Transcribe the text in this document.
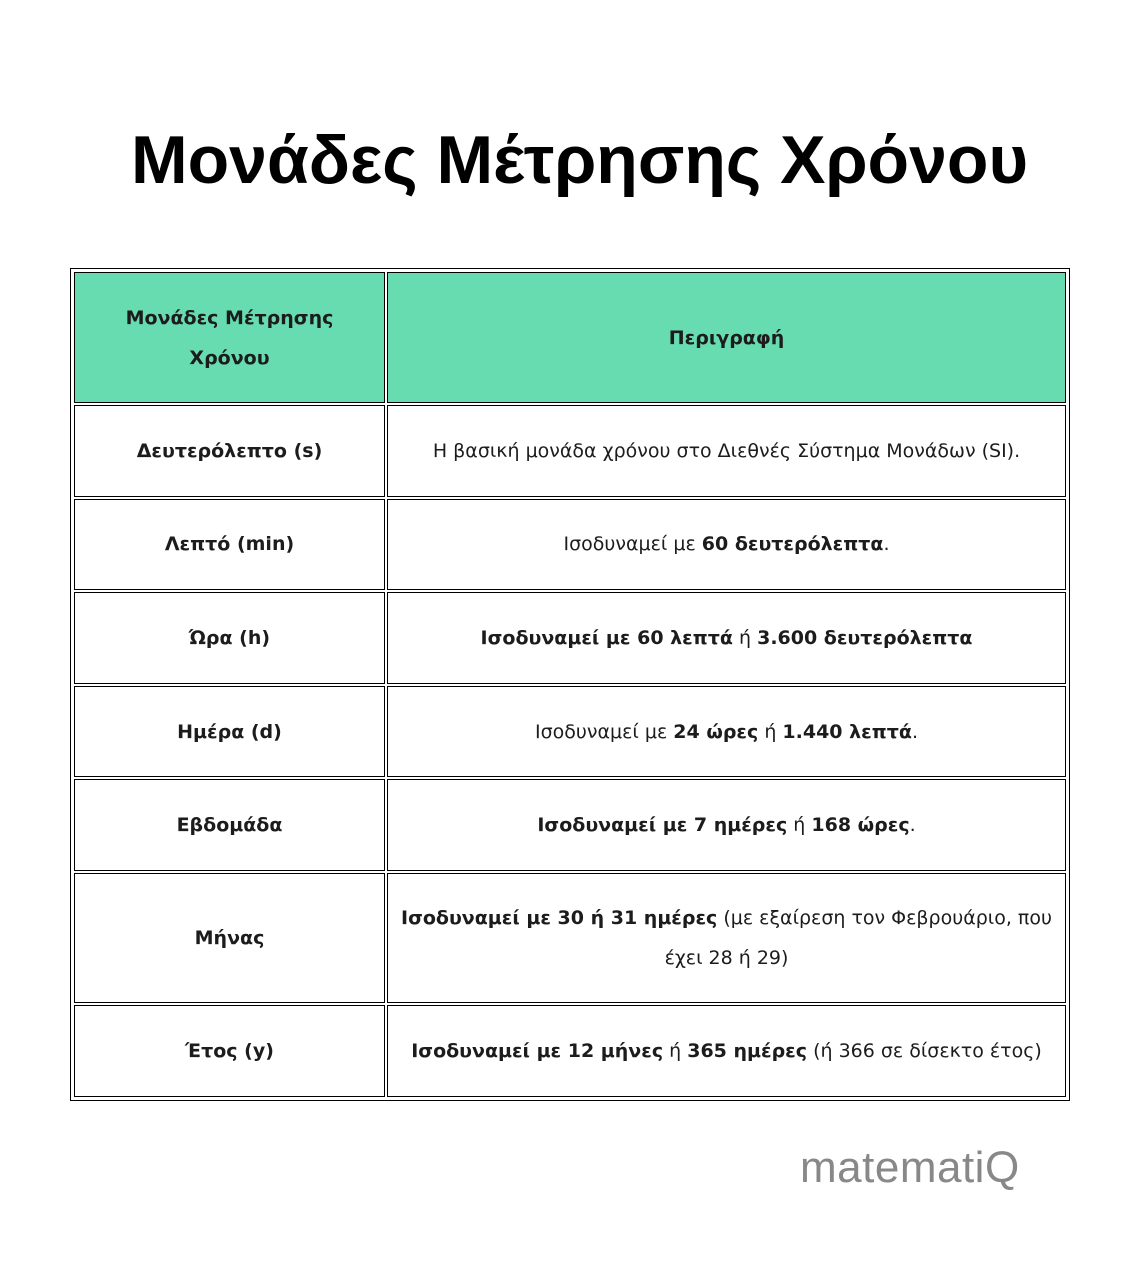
Μονάδες Μέτρησης Χρόνου
Μονάδες Μέτρησης Χρόνου	Περιγραφή
Δευτερόλεπτο (s)	Η βασική μονάδα χρόνου στο Διεθνές Σύστημα Μονάδων (SI).
Λεπτό (min)	Ισοδυναμεί με 60 δευτερόλεπτα.
Ώρα (h)	Ισοδυναμεί με 60 λεπτά ή 3.600 δευτερόλεπτα
Ημέρα (d)	Ισοδυναμεί με 24 ώρες ή 1.440 λεπτά.
Εβδομάδα	Ισοδυναμεί με 7 ημέρες ή 168 ώρες.
Μήνας	Ισοδυναμεί με 30 ή 31 ημέρες (με εξαίρεση τον Φεβρουάριο, που έχει 28 ή 29)
Έτος (y)	Ισοδυναμεί με 12 μήνες ή 365 ημέρες (ή 366 σε δίσεκτο έτος)
matematiQ
